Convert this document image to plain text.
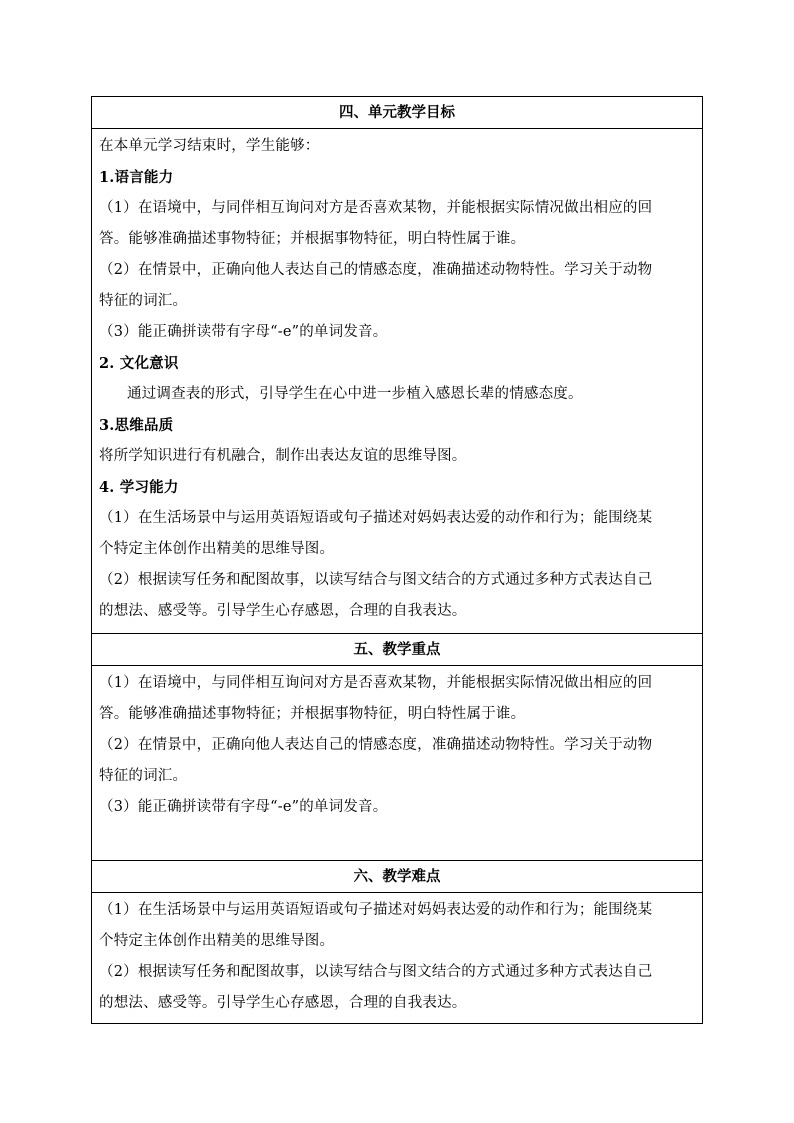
四、单元教学目标
在本单元学习结束时，学生能够：
1.语言能力
（1）在语境中，与同伴相互询问对方是否喜欢某物，并能根据实际情况做出相应的回
答。能够准确描述事物特征；并根据事物特征，明白特性属于谁。
（2）在情景中，正确向他人表达自己的情感态度，准确描述动物特性。学习关于动物
特征的词汇。
（3）能正确拼读带有字母“-e”的单词发音。
2. 文化意识
通过调查表的形式，引导学生在心中进一步植入感恩长辈的情感态度。
3.思维品质
将所学知识进行有机融合，制作出表达友谊的思维导图。
4. 学习能力
（1）在生活场景中与运用英语短语或句子描述对妈妈表达爱的动作和行为；能围绕某
个特定主体创作出精美的思维导图。
（2）根据读写任务和配图故事，以读写结合与图文结合的方式通过多种方式表达自己
的想法、感受等。引导学生心存感恩，合理的自我表达。
五、教学重点
（1）在语境中，与同伴相互询问对方是否喜欢某物，并能根据实际情况做出相应的回
答。能够准确描述事物特征；并根据事物特征，明白特性属于谁。
（2）在情景中，正确向他人表达自己的情感态度，准确描述动物特性。学习关于动物
特征的词汇。
（3）能正确拼读带有字母“-e”的单词发音。
六、教学难点
（1）在生活场景中与运用英语短语或句子描述对妈妈表达爱的动作和行为；能围绕某
个特定主体创作出精美的思维导图。
（2）根据读写任务和配图故事，以读写结合与图文结合的方式通过多种方式表达自己
的想法、感受等。引导学生心存感恩，合理的自我表达。
